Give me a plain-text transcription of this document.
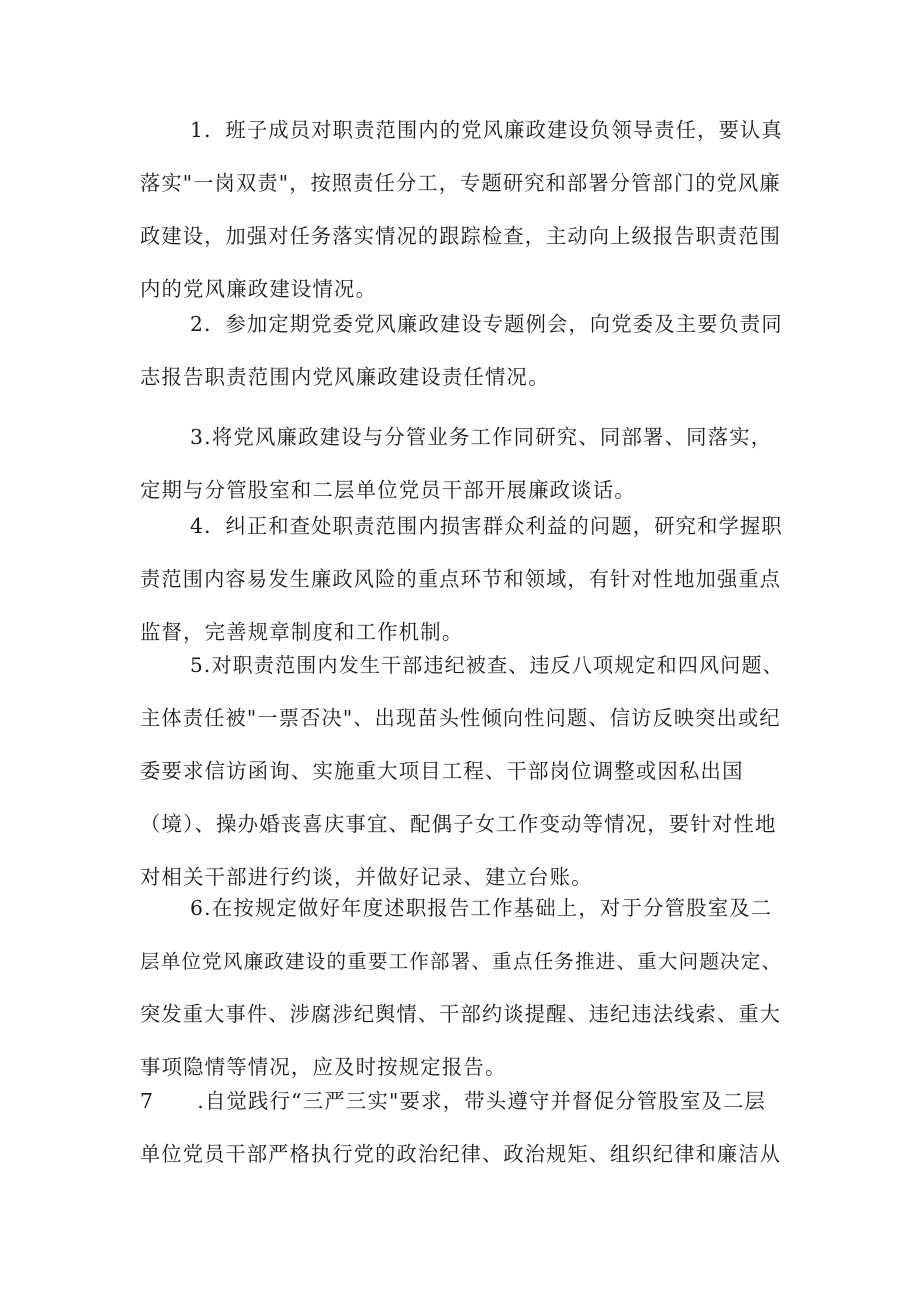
1．班子成员对职责范围内的党风廉政建设负领导责任，要认真
落实"一岗双责"，按照责任分工，专题研究和部署分管部门的党风廉
政建设，加强对任务落实情况的跟踪检查，主动向上级报告职责范围
内的党风廉政建设情况。
2．参加定期党委党风廉政建设专题例会，向党委及主要负责同
志报告职责范围内党风廉政建设责任情况。
3.将党风廉政建设与分管业务工作同研究、同部署、同落实，
定期与分管股室和二层单位党员干部开展廉政谈话。
4．纠正和查处职责范围内损害群众利益的问题，研究和学握职
责范围内容易发生廉政风险的重点环节和领域，有针对性地加强重点
监督，完善规章制度和工作机制。
5.对职责范围内发生干部违纪被查、违反八项规定和四风问题、
主体责任被"一票否决"、出现苗头性倾向性问题、信访反映突出或纪
委要求信访函询、实施重大项目工程、干部岗位调整或因私出国
（境）、操办婚丧喜庆事宜、配偶子女工作变动等情况，要针对性地
对相关干部进行约谈，并做好记录、建立台账。
6.在按规定做好年度述职报告工作基础上，对于分管股室及二
层单位党风廉政建设的重要工作部署、重点任务推进、重大问题决定、
突发重大事件、涉腐涉纪舆情、干部约谈提醒、违纪违法线索、重大
事项隐情等情况，应及时按规定报告。
7　　.自觉践行“三严三实"要求，带头遵守并督促分管股室及二层
单位党员干部严格执行党的政治纪律、政治规矩、组织纪律和廉洁从
